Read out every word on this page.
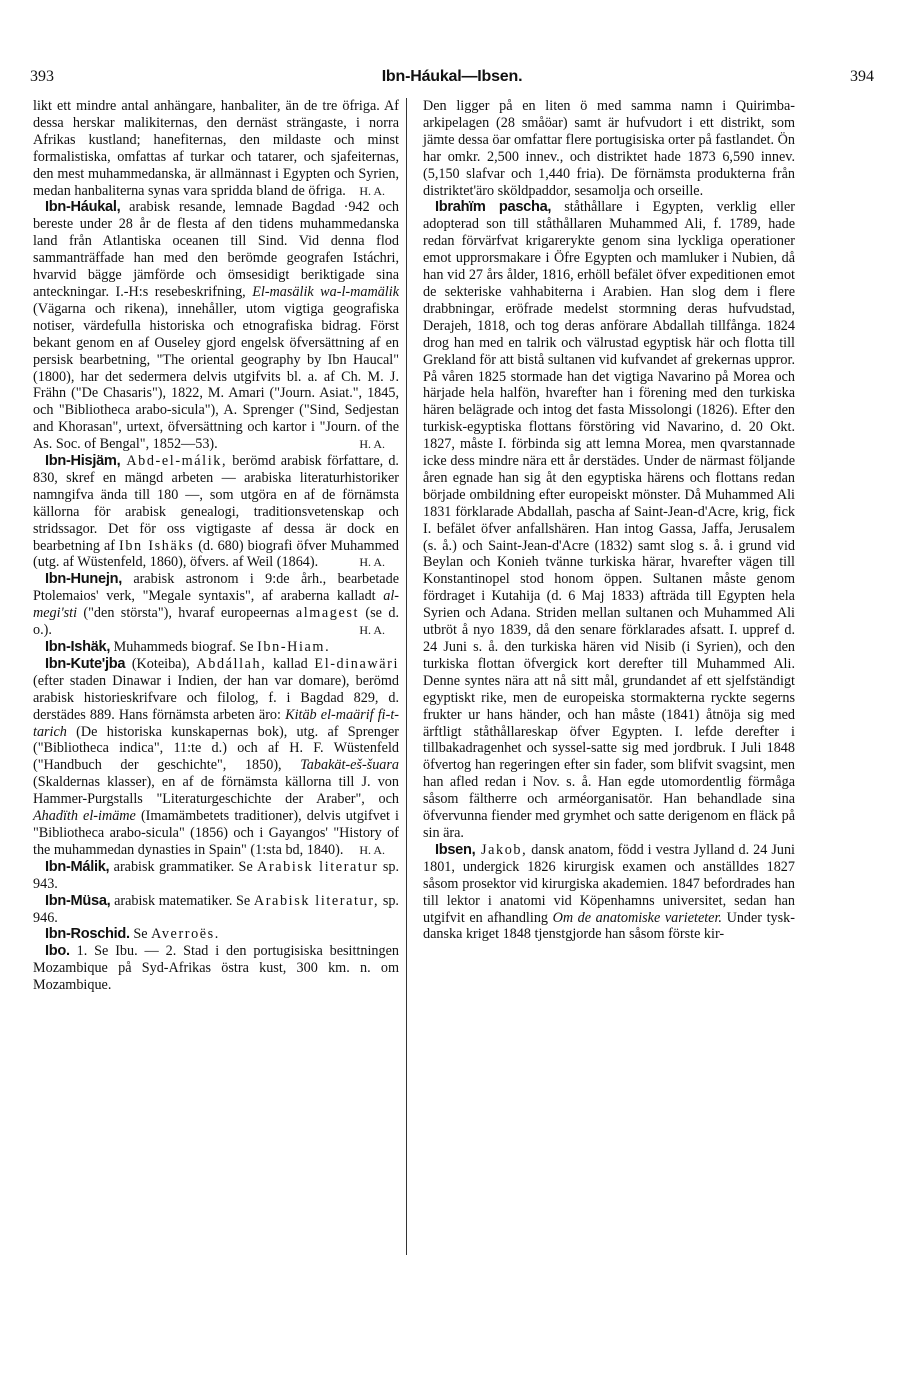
393	Ibn-Háukal—Ibsen.	394

likt ett mindre antal anhängare, hanbaliter, än de tre öfriga. Af dessa herskar malikiternas, den dernäst strängaste, i norra Afrikas kustland; hanefiternas, den mildaste och minst formalistiska, omfattas af turkar och tatarer, och sjafeiternas, den mest muhammedanska, är allmännast i Egypten och Syrien, medan hanbaliterna synas vara spridda bland de öfriga. H. A.

Ibn-Háukal, arabisk resande, lemnade Bagdad ·942 och bereste under 28 år de flesta af den tidens muhammedanska land från Atlantiska oceanen till Sind. Vid denna flod sammanträffade han med den berömde geografen Istáchri, hvarvid bägge jämförde och ömsesidigt beriktigade sina anteckningar. I.-H:s resebeskrifning, El-masälik wa-l-mamälik (Vägarna och rikena), innehåller, utom vigtiga geografiska notiser, värdefulla historiska och etnografiska bidrag. Först bekant genom en af Ouseley gjord engelsk öfversättning af en persisk bearbetning, "The oriental geography by Ibn Haucal" (1800), har det sedermera delvis utgifvits bl. a. af Ch. M. J. Frähn ("De Chasaris"), 1822, M. Amari ("Journ. Asiat.", 1845, och "Bibliotheca arabo-sicula"), A. Sprenger ("Sind, Sedjestan and Khorasan", urtext, öfversättning och kartor i "Journ. of the As. Soc. of Bengal", 1852—53).	H. A.

Ibn-Hisjäm, Abd-el-málik, berömd arabisk författare, d. 830, skref en mängd arbeten — arabiska literaturhistoriker namngifva ända till 180 —, som utgöra en af de förnämsta källorna för arabisk genealogi, traditionsvetenskap och stridssagor. Det för oss vigtigaste af dessa är dock en bearbetning af Ibn Ishäks (d. 680) biografi öfver Muhammed (utg. af Wüstenfeld, 1860), öfvers. af Weil (1864).	H. A.

Ibn-Hunejn, arabisk astronom i 9:de årh., bearbetade Ptolemaios' verk, "Megale syntaxis", af araberna kalladt al-megi'sti ("den största"), hvaraf europeernas almagest (se d. o.).	H. A.

Ibn-Ishäk, Muhammeds biograf. Se Ibn-Hiam.

Ibn-Kute'jba (Koteiba), Abdállah, kallad El-dinawäri (efter staden Dinawar i Indien, der han var domare), berömd arabisk historieskrifvare och filolog, f. i Bagdad 829, d. derstädes 889. Hans förnämsta arbeten äro: Kitäb el-maärif fi-t-tarich (De historiska kunskapernas bok), utg. af Sprenger ("Bibliotheca indica", 11:te d.) och af H. F. Wüstenfeld ("Handbuch der geschichte", 1850), Tabakät-eš-šuara (Skaldernas klasser), en af de förnämsta källorna till J. von Hammer-Purgstalls "Literaturgeschichte der Araber", och Ahadïth el-imäme (Imamämbetets traditioner), delvis utgifvet i "Bibliotheca arabo-sicula" (1856) och i Gayangos' "History of the muhammedan dynasties in Spain" (1:sta bd, 1840).	H. A.

Ibn-Málik, arabisk grammatiker. Se Arabisk literatur sp. 943.

Ibn-Müsa, arabisk matematiker. Se Arabisk literatur, sp. 946.

Ibn-Roschid. Se Averroës.

Ibo. 1. Se Ibu. — 2. Stad i den portugisiska besittningen Mozambique på Syd-Afrikas östra kust, 300 km. n. om Mozambique.

Den ligger på en liten ö med samma namn i Quirimba-arkipelagen (28 småöar) samt är hufvudort i ett distrikt, som jämte dessa öar omfattar flere portugisiska orter på fastlandet. Ön har omkr. 2,500 innev., och distriktet hade 1873 6,590 innev. (5,150 slafvar och 1,440 fria). De förnämsta produkterna från distriktet'äro sköldpaddor, sesamolja och orseille.

Ibrahïm pascha, ståthållare i Egypten, verklig eller adopterad son till ståthållaren Muhammed Ali, f. 1789, hade redan förvärfvat krigarerykte genom sina lyckliga operationer emot upprorsmakare i Öfre Egypten och mamluker i Nubien, då han vid 27 års ålder, 1816, erhöll befälet öfver expeditionen emot de sekteriske vahhabiterna i Arabien. Han slog dem i flere drabbningar, eröfrade medelst stormning deras hufvudstad, Derajeh, 1818, och tog deras anförare Abdallah tillfånga. 1824 drog han med en talrik och välrustad egyptisk här och flotta till Grekland för att bistå sultanen vid kufvandet af grekernas uppror. På våren 1825 stormade han det vigtiga Navarino på Morea och härjade hela halfön, hvarefter han i förening med den turkiska hären belägrade och intog det fasta Missolongi (1826). Efter den turkisk-egyptiska flottans förstöring vid Navarino, d. 20 Okt. 1827, måste I. förbinda sig att lemna Morea, men qvarstannade icke dess mindre nära ett år derstädes. Under de närmast följande åren egnade han sig åt den egyptiska härens och flottans redan började ombildning efter europeiskt mönster. Då Muhammed Ali 1831 förklarade Abdallah, pascha af Saint-Jean-d'Acre, krig, fick I. befälet öfver anfallshären. Han intog Gassa, Jaffa, Jerusalem (s. å.) och Saint-Jean-d'Acre (1832) samt slog s. å. i grund vid Beylan och Konieh tvänne turkiska härar, hvarefter vägen till Konstantinopel stod honom öppen. Sultanen måste genom fördraget i Kutahija (d. 6 Maj 1833) afträda till Egypten hela Syrien och Adana. Striden mellan sultanen och Muhammed Ali utbröt å nyo 1839, då den senare förklarades afsatt. I. uppref d. 24 Juni s. å. den turkiska hären vid Nisib (i Syrien), och den turkiska flottan öfvergick kort derefter till Muhammed Ali. Denne syntes nära att nå sitt mål, grundandet af ett sjelfständigt egyptiskt rike, men de europeiska stormakterna ryckte segerns frukter ur hans händer, och han måste (1841) åtnöja sig med ärftligt ståthållareskap öfver Egypten. I. lefde derefter i tillbakadragenhet och syssel-satte sig med jordbruk. I Juli 1848 öfvertog han regeringen efter sin fader, som blifvit svagsint, men han afled redan i Nov. s. å. Han egde utomordentlig förmåga såsom fältherre och arméorganisatör. Han behandlade sina öfvervunna fiender med grymhet och satte derigenom en fläck på sin ära.

Ibsen, Jakob, dansk anatom, född i vestra Jylland d. 24 Juni 1801, undergick 1826 kirurgisk examen och anställdes 1827 såsom prosektor vid kirurgiska akademien. 1847 befordrades han till lektor i anatomi vid Köpenhamns universitet, sedan han utgifvit en afhandling Om de anatomiske varieteter. Under tysk-danska kriget 1848 tjenstgjorde han såsom förste kir-
